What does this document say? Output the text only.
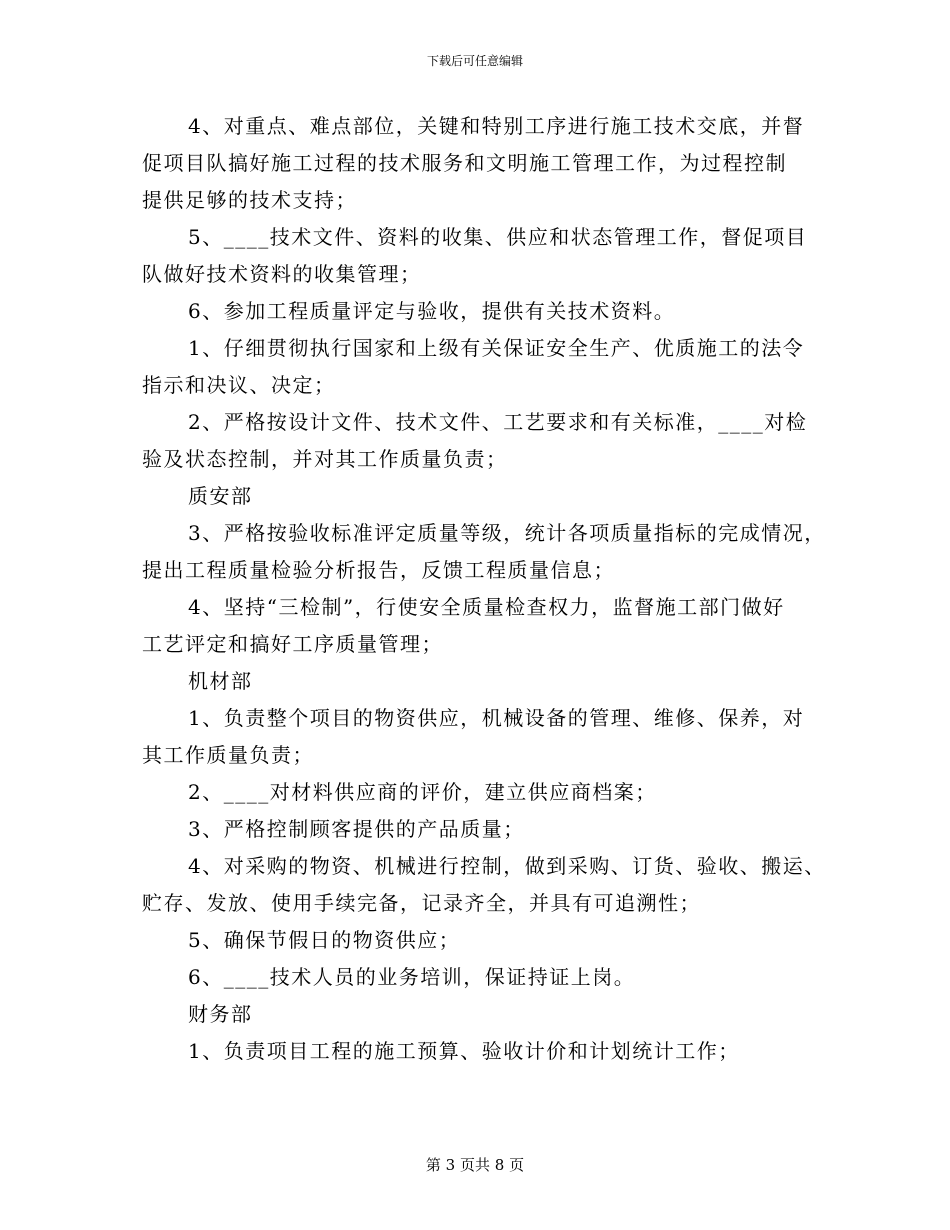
下载后可任意编辑
4、对重点、难点部位，关键和特别工序进行施工技术交底，并督
促项目队搞好施工过程的技术服务和文明施工管理工作，为过程控制
提供足够的技术支持；
5、____技术文件、资料的收集、供应和状态管理工作，督促项目
队做好技术资料的收集管理；
6、参加工程质量评定与验收，提供有关技术资料。
1、仔细贯彻执行国家和上级有关保证安全生产、优质施工的法令
指示和决议、决定；
2、严格按设计文件、技术文件、工艺要求和有关标准，____对检
验及状态控制，并对其工作质量负责；
质安部
3、严格按验收标准评定质量等级，统计各项质量指标的完成情况，
提出工程质量检验分析报告，反馈工程质量信息；
4、坚持“三检制”，行使安全质量检查权力，监督施工部门做好
工艺评定和搞好工序质量管理；
机材部
1、负责整个项目的物资供应，机械设备的管理、维修、保养，对
其工作质量负责；
2、____对材料供应商的评价，建立供应商档案；
3、严格控制顾客提供的产品质量；
4、对采购的物资、机械进行控制，做到采购、订货、验收、搬运、
贮存、发放、使用手续完备，记录齐全，并具有可追溯性；
5、确保节假日的物资供应；
6、____技术人员的业务培训，保证持证上岗。
财务部
1、负责项目工程的施工预算、验收计价和计划统计工作；
第 3 页共 8 页
